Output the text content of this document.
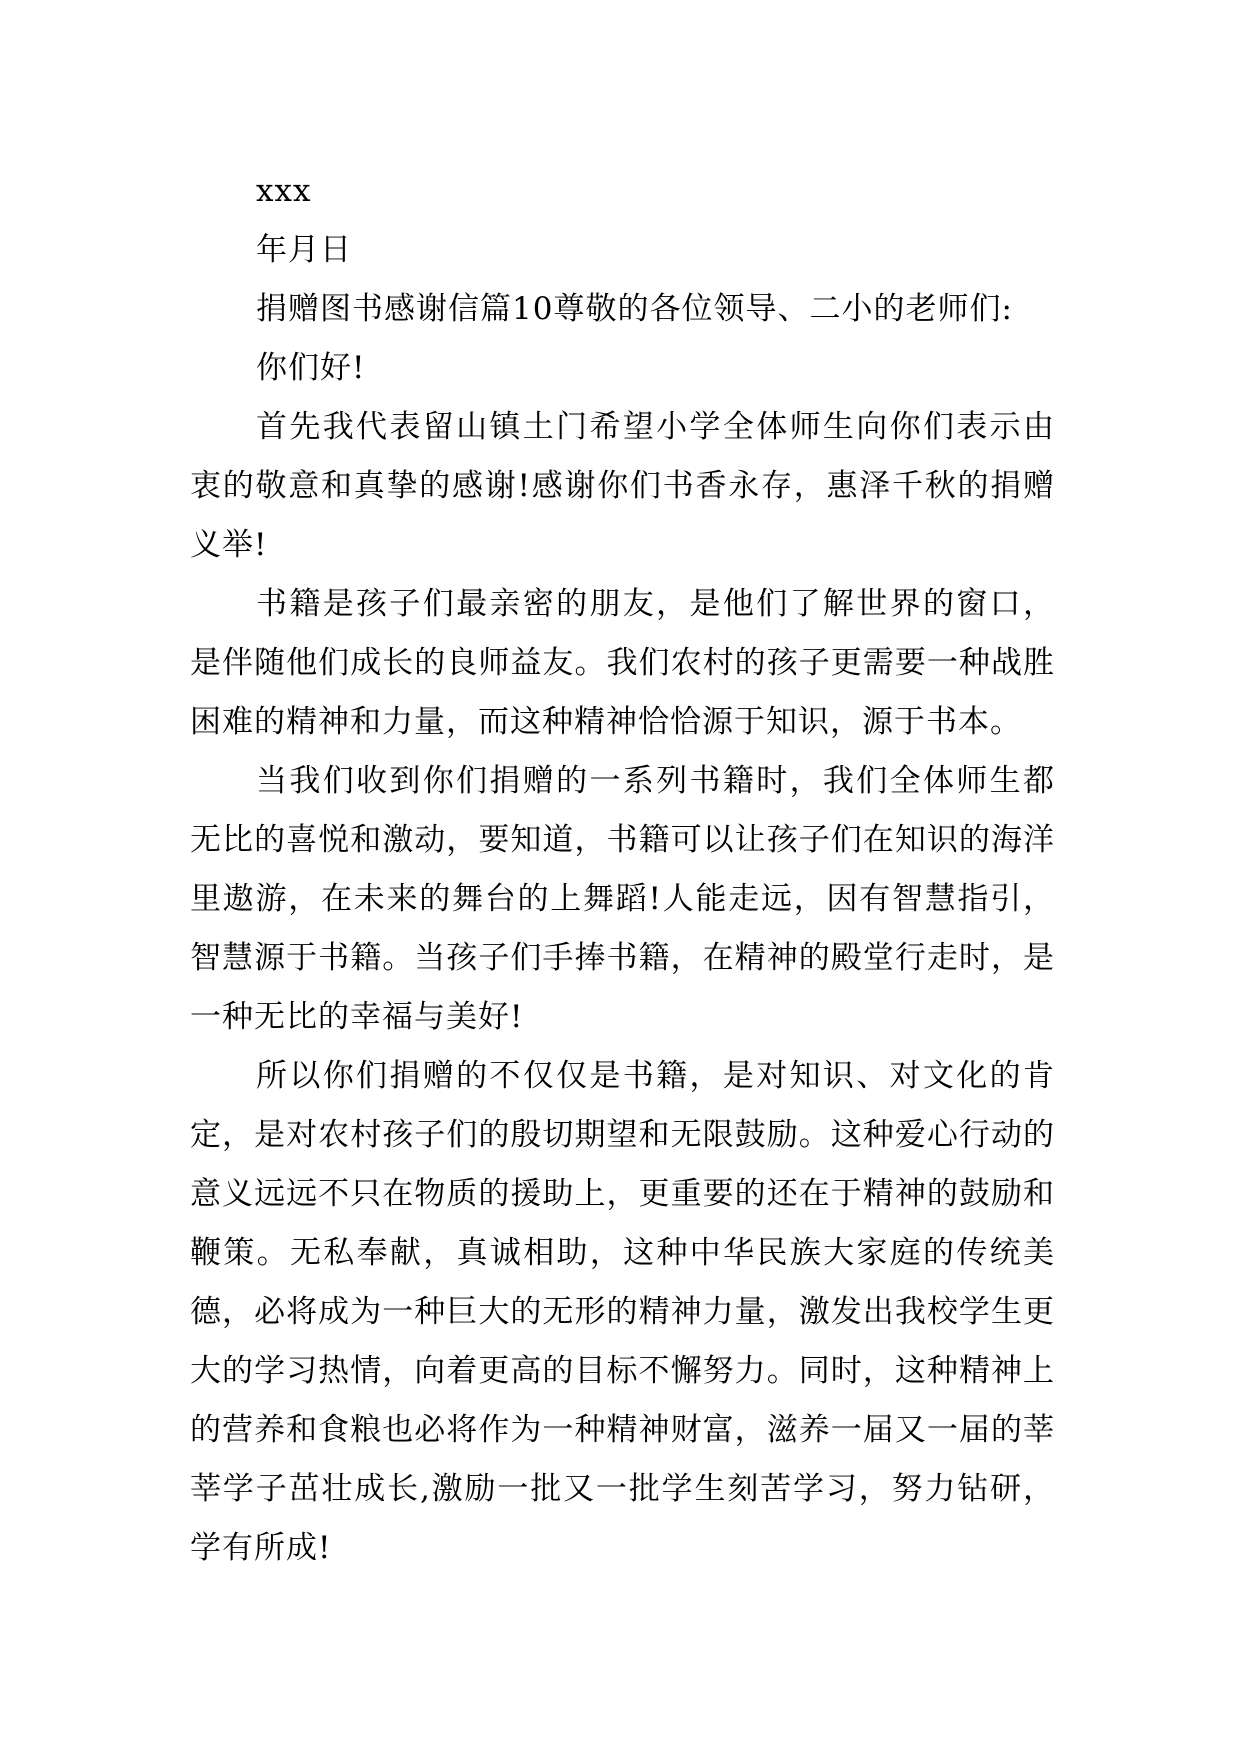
xxx
年月日
捐赠图书感谢信篇10尊敬的各位领导、二小的老师们:
你们好!

首先我代表留山镇土门希望小学全体师生向你们表示由衷的敬意和真挚的感谢!感谢你们书香永存，惠泽千秋的捐赠义举!

书籍是孩子们最亲密的朋友，是他们了解世界的窗口，是伴随他们成长的良师益友。我们农村的孩子更需要一种战胜困难的精神和力量，而这种精神恰恰源于知识，源于书本。

当我们收到你们捐赠的一系列书籍时，我们全体师生都无比的喜悦和激动，要知道，书籍可以让孩子们在知识的海洋里遨游，在未来的舞台的上舞蹈!人能走远，因有智慧指引，智慧源于书籍。当孩子们手捧书籍，在精神的殿堂行走时，是一种无比的幸福与美好!

所以你们捐赠的不仅仅是书籍，是对知识、对文化的肯定，是对农村孩子们的殷切期望和无限鼓励。这种爱心行动的意义远远不只在物质的援助上，更重要的还在于精神的鼓励和鞭策。无私奉献，真诚相助，这种中华民族大家庭的传统美德，必将成为一种巨大的无形的精神力量，激发出我校学生更大的学习热情，向着更高的目标不懈努力。同时，这种精神上的营养和食粮也必将作为一种精神财富，滋养一届又一届的莘莘学子茁壮成长,激励一批又一批学生刻苦学习，努力钻研，学有所成!
